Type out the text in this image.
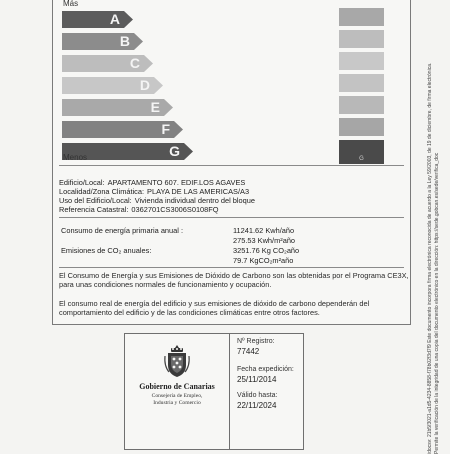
Más
A
B
C
D
E
F
G	G
Menos
Edificio/Local: APARTAMENTO 607. EDIF.LOS AGAVES
Localidad/Zona Climática: PLAYA DE LAS AMERICAS/A3
Uso del Edificio/Local: Vivienda individual dentro del bloque
Referencia Catastral: 0362701CS3006S0108FQ
Consumo de energía primaria anual :	11241.62 Kwh/año
275.53 Kwh/m²año
Emisiones de CO₂ anuales:	3251.76 Kg CO₂año
79.7 KgCO₂m²año
El Consumo de Energía y sus Emisiones de Dióxido de Carbono son las obtenidas por el Programa CE3X, para unas condiciones normales de funcionamiento y ocupación.
El consumo real de energía del edificio y sus emisiones de dióxido de carbono dependerán del comportamiento del edificio y de las condiciones climáticas entre otros factores.
Gobierno de Canarias
Consejería de Empleo,
Industria y Comercio
Nº Registro:
77442
Fecha expedición:
25/11/2014
Válido hasta:
22/11/2024	idocsv: 21b5f3021-a1d5-4234-8858-f78b02f3d7f9 Este documento incorpora firma electrónica reconocida de acuerdo a la Ley 59/2003, de 19 de diciembre, de firma electrónica. Permite la verificación de la integridad de una copia del documento electrónico en la dirección: https://sede.gobcan.es/sede/verifica_doc
